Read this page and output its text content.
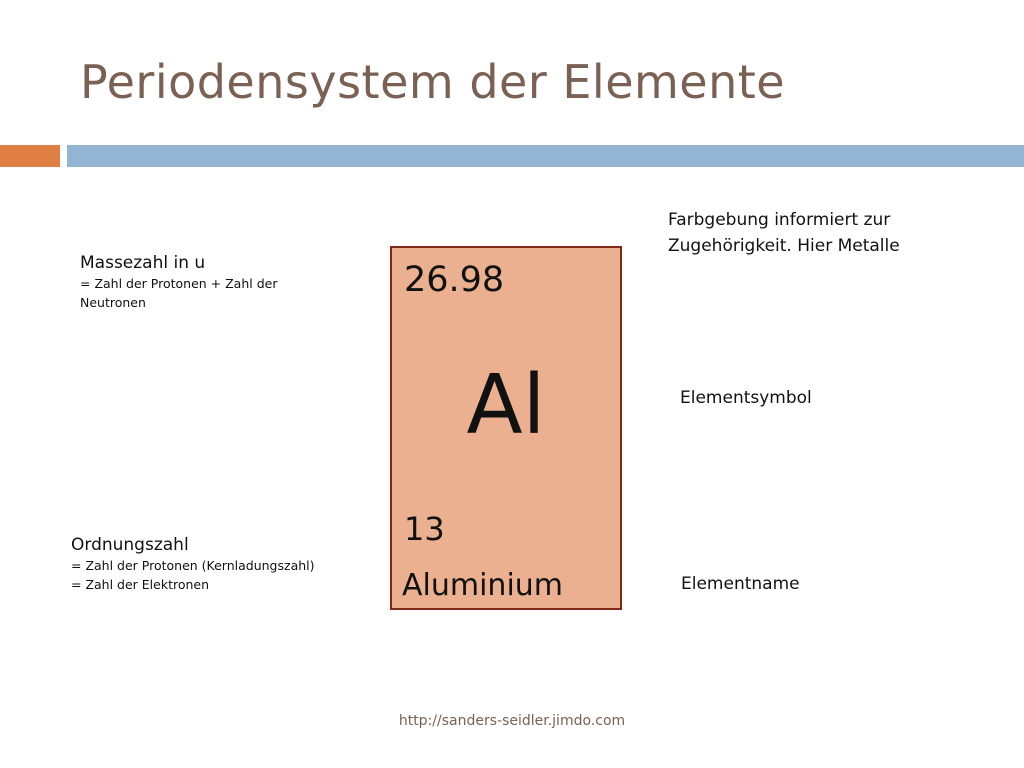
Periodensystem der Elemente
Massezahl in u
= Zahl der Protonen + Zahl der
Neutronen
Ordnungszahl
= Zahl der Protonen (Kernladungszahl)
= Zahl der Elektronen
Farbgebung informiert zur
Zugehörigkeit. Hier Metalle
Elementsymbol
Elementname
26.98
Al
13
Aluminium
http://sanders-seidler.jimdo.com
